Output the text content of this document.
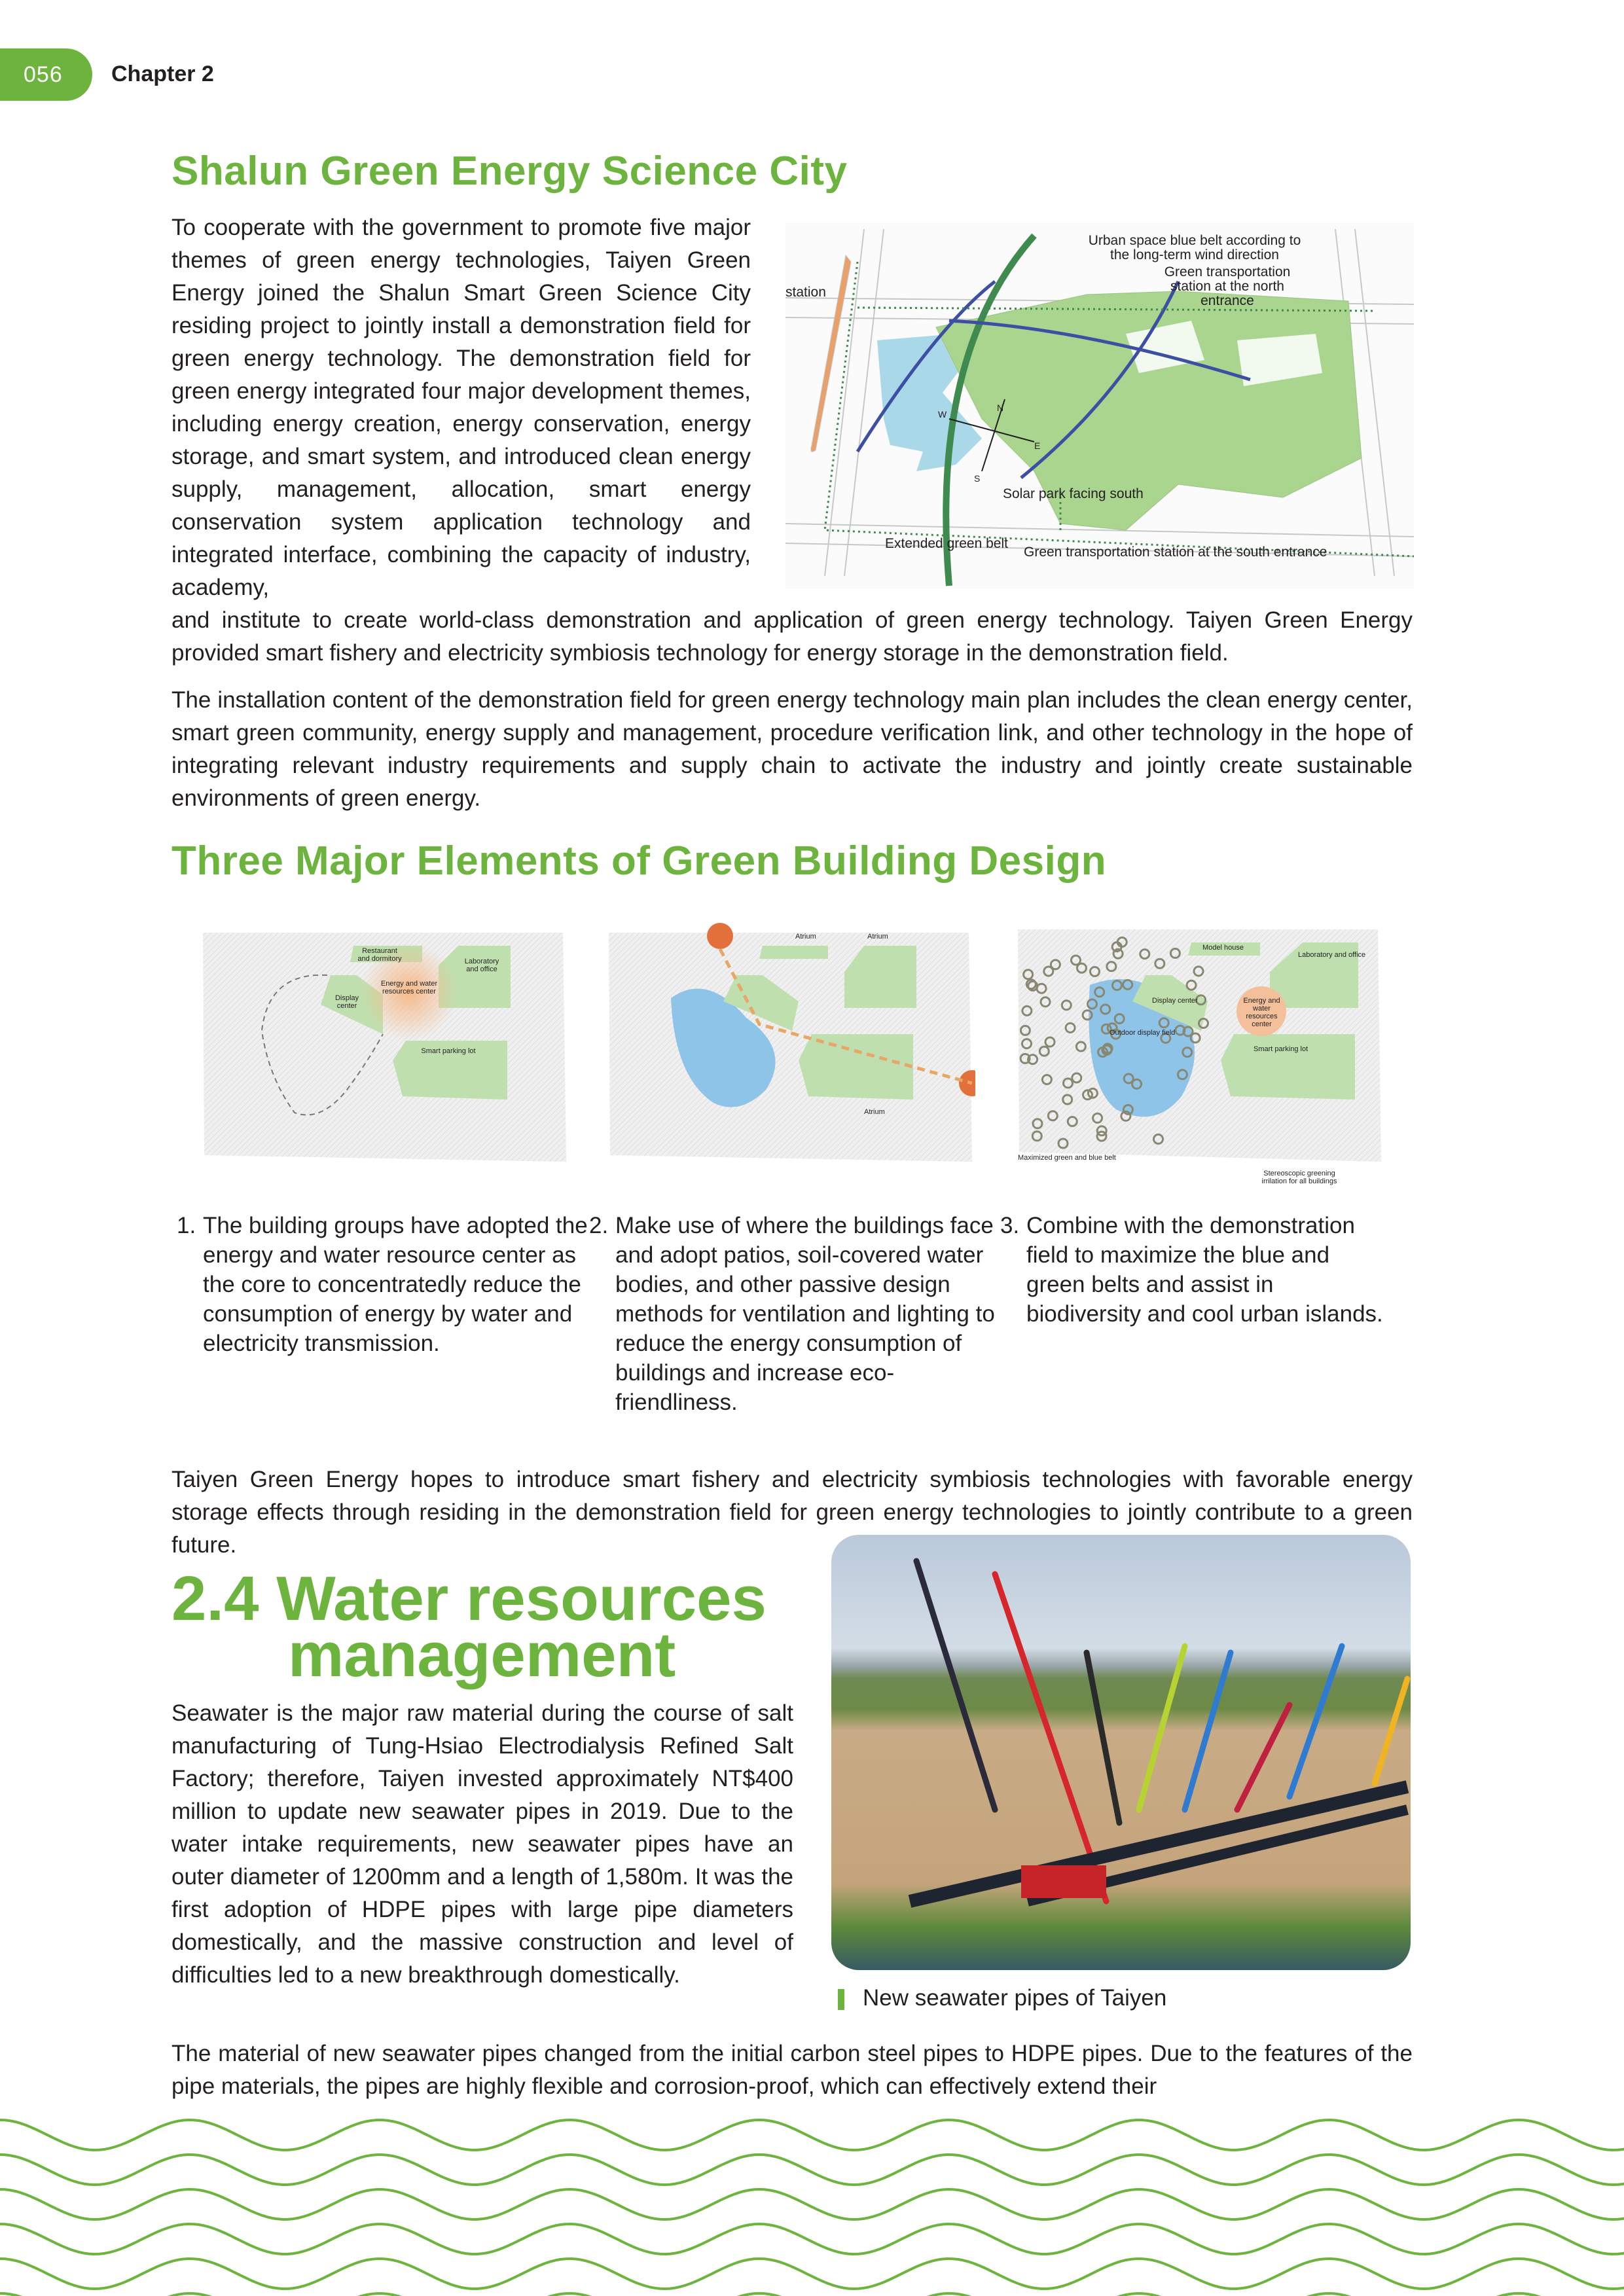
056	Chapter 2
Shalun Green Energy Science City

To cooperate with the government to promote five major themes of green energy technologies, Taiyen Green Energy joined the Shalun Smart Green Science City residing project to jointly install a demonstration field for green energy technology. The demonstration field for green energy integrated four major development themes, including energy creation, energy conservation, energy storage, and smart system, and introduced clean energy supply, management, allocation, smart energy conservation system application technology and integrated interface, combining the capacity of industry, academy,

Urban space blue belt according to the long-term wind direction
Green transportation station at the north entrance
station
Solar park facing south
Extended green belt
Green transportation station at the south entrance
N
W
E
S

and institute to create world-class demonstration and application of green energy technology. Taiyen Green Energy provided smart fishery and electricity symbiosis technology for energy storage in the demonstration field.

The installation content of the demonstration field for green energy technology main plan includes the clean energy center, smart green community, energy supply and management, procedure verification link, and other technology in the hope of integrating relevant industry requirements and supply chain to activate the industry and jointly create sustainable environments of green energy.

Three Major Elements of Green Building Design
Restaurant and dormitory	Laboratory and office
Energy and water resources center
Display center
Smart parking lot
Atrium	Atrium
Atrium
Model house
Laboratory and office
Display center	Energy and water resources center
Outdoor display field
Smart parking lot
Maximized green and blue belt
Stereoscopic greening irrilation for all buildings
1. The building groups have adopted the energy and water resource center as the core to concentratedly reduce the consumption of energy by water and electricity transmission.
2. Make use of where the buildings face and adopt patios, soil-covered water bodies, and other passive design methods for ventilation and lighting to reduce the energy consumption of buildings and increase eco-friendliness.
3. Combine with the demonstration field to maximize the blue and green belts and assist in biodiversity and cool urban islands.

Taiyen Green Energy hopes to introduce smart fishery and electricity symbiosis technologies with favorable energy storage effects through residing in the demonstration field for green energy technologies to jointly contribute to a green future.

2.4 Water resources
management

Seawater is the major raw material during the course of salt manufacturing of Tung-Hsiao Electrodialysis Refined Salt Factory; therefore, Taiyen invested approximately NT$400 million to update new seawater pipes in 2019. Due to the water intake requirements, new seawater pipes have an outer diameter of 1200mm and a length of 1,580m. It was the first adoption of HDPE pipes with large pipe diameters domestically, and the massive construction and level of difficulties led to a new breakthrough domestically.

New seawater pipes of Taiyen

The material of new seawater pipes changed from the initial carbon steel pipes to HDPE pipes. Due to the features of the pipe materials, the pipes are highly flexible and corrosion-proof, which can effectively extend their
